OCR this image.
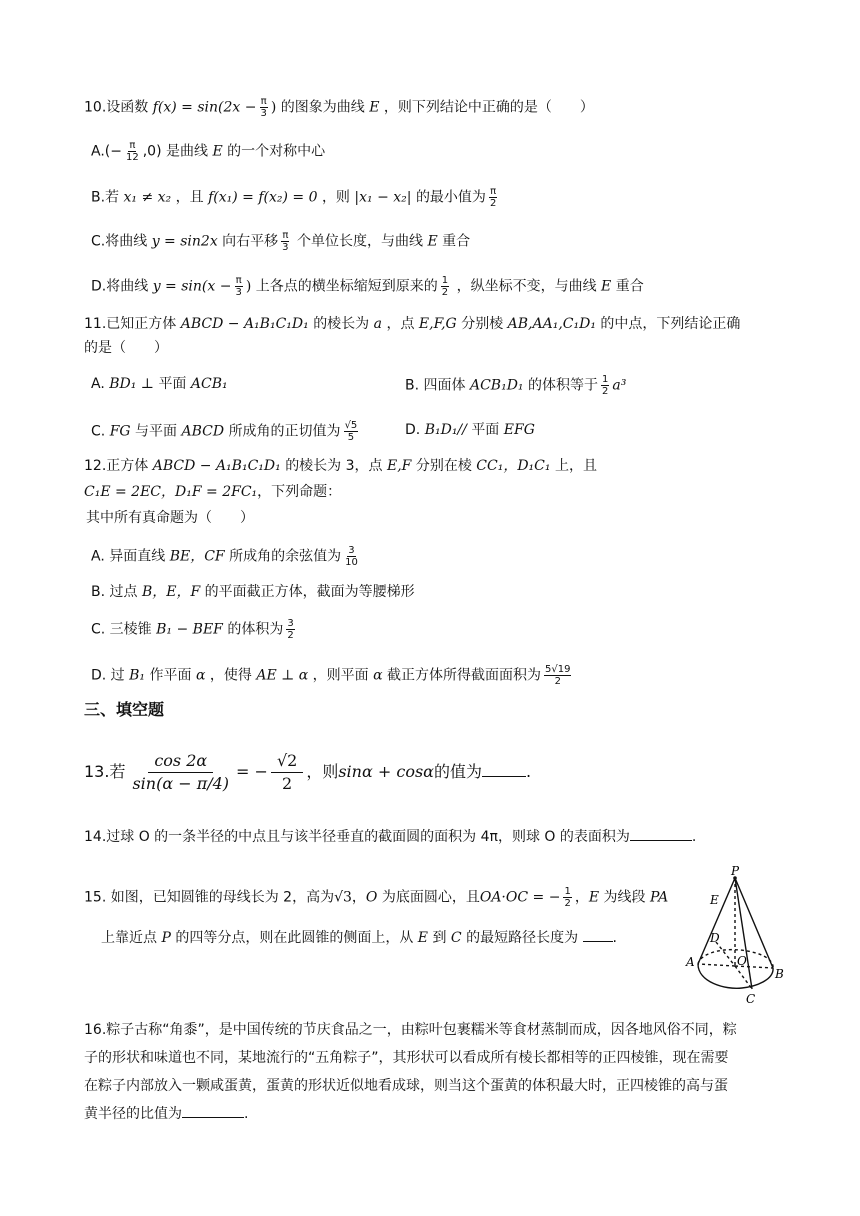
10.设函数 $f(x) = \sin(2x - \frac{\pi}{3}$ ) 的图象为曲线 E ，则下列结论中正确的是（　　）
$A.(- \frac{\pi}{12} ,0)$ 是曲线 E 的一个对称中心
B.若 x₁ ≠ x₂ ，且 f(x₁) = f(x₂) = 0 ，则 |x₁ − x₂| 的最小值为 $\frac{\pi}{2}$
C.将曲线 y = sin2x 向右平移 $\frac{\pi}{3}$ 个单位长度，与曲线 E 重合
D.将曲线 $y = \sin(x - \frac{\pi}{3}$ ) 上各点的横坐标缩短到原来的 $\frac{1}{2}$ ，纵坐标不变，与曲线 E 重合
11.已知正方体 ABCD − A₁B₁C₁D₁ 的棱长为 a ，点 E,F,G 分别棱 AB,AA₁,C₁D₁ 的中点，下列结论正确
的是（　　）
A. BD₁ ⊥ 平面 ACB₁	B. 四面体 ACB₁D₁ 的体积等于 $\frac{1}{2} a^3$
C. FG 与平面 ABCD 所成角的正切值为 $\frac{√5}{5}$	D. B₁D₁// 平面 EFG
12.正方体 ABCD − A₁B₁C₁D₁ 的棱长为 3，点 E,F 分别在棱 CC₁，D₁C₁ 上，且
C₁E = 2EC，D₁F = 2FC₁，下列命题：
其中所有真命题为（　　）
A. 异面直线 BE，CF 所成角的余弦值为 $\frac{3}{10}$
B. 过点 B，E，F 的平面截正方体，截面为等腰梯形
C. 三棱锥 B₁ − BEF 的体积为 $\frac{3}{2}$
D. 过 B₁ 作平面 α ，使得 AE ⊥ α ，则平面 α 截正方体所得截面面积为 $\frac{5√19}{2}$
三、填空题
13.若 $\frac{\cos 2\alpha}{\sin(\alpha - \pi/4)}$ = − $\frac{√2}{2}$ ，则sinα + cosα的值为	.
14.过球 O 的一条半径的中点且与该半径垂直的截面圆的面积为 4π，则球 O 的表面积为	.
15. 如图，已知圆锥的母线长为 2，高为√3，O 为底面圆心，且OA·OC = − $\frac{1}{2}$ ，E 为线段 PA
上靠近点 P 的四等分点，则在此圆锥的侧面上，从 E 到 C 的最短路径长度为 .
P
E
D
A	O
B
C
16.粽子古称“角黍”，是中国传统的节庆食品之一，由粽叶包裹糯米等食材蒸制而成，因各地风俗不同，粽
子的形状和味道也不同，某地流行的“五角粽子”，其形状可以看成所有棱长都相等的正四棱锥，现在需要
在粽子内部放入一颗咸蛋黄，蛋黄的形状近似地看成球，则当这个蛋黄的体积最大时，正四棱锥的高与蛋
黄半径的比值为	.
